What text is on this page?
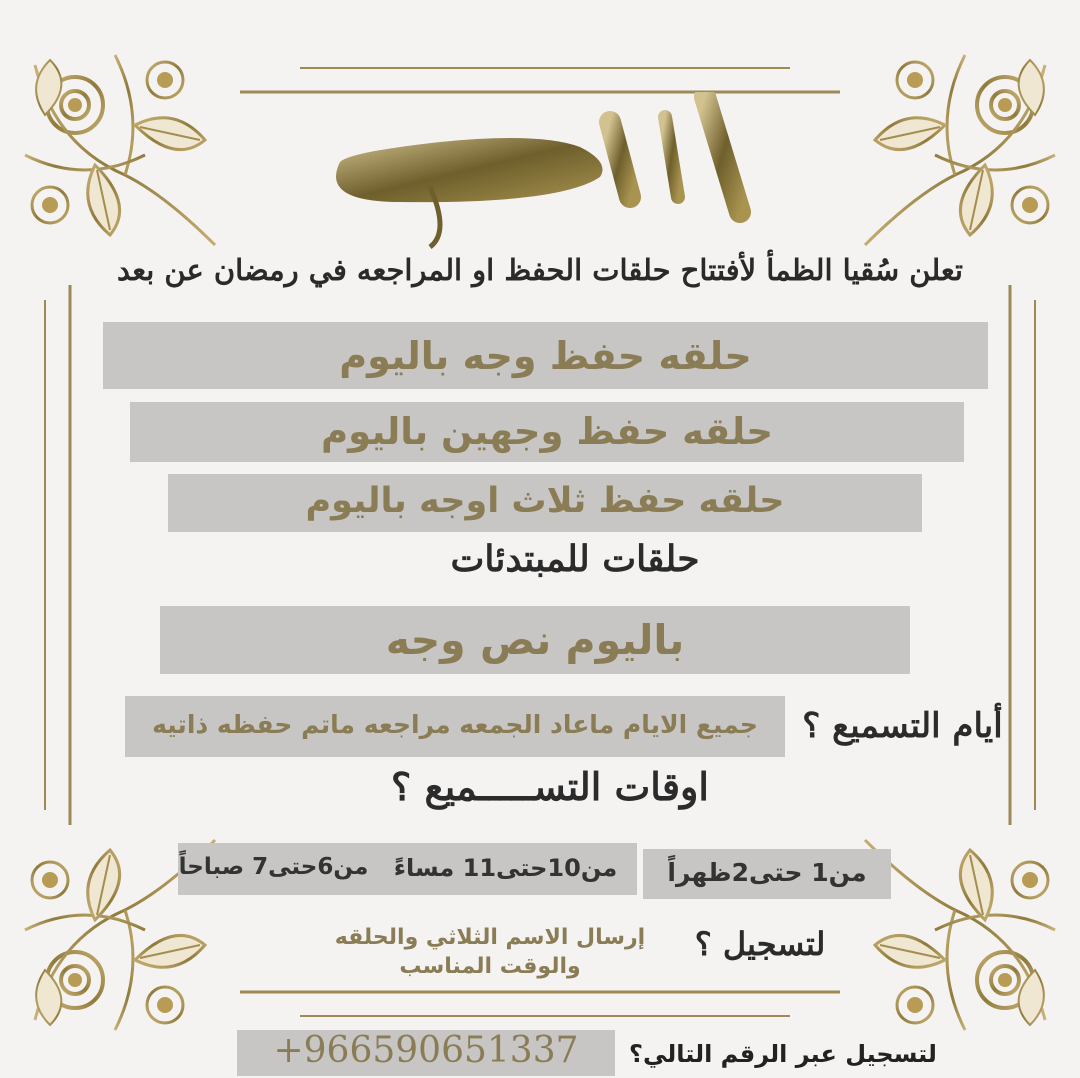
إعلان
تعلن سُقيا الظمأ لأفتتاح حلقات الحفظ او المراجعه في رمضان عن بعد
حلقه حفظ وجه باليوم
حلقه حفظ وجهين باليوم
حلقه حفظ ثلاث اوجه باليوم
حلقات للمبتدئات
باليوم نص وجه
أيام التسميع ؟
جميع الايام ماعاد الجمعه مراجعه ماتم حفظه ذاتيه
اوقات التســـــميع ؟
من1 حتى2ظهراً
من10حتى11 مساءً
من6حتى7 صباحاً
لتسجيل ؟
إرسال الاسم الثلاثي والحلقه
والوقت المناسب
لتسجيل عبر الرقم التالي؟
+966590651337
